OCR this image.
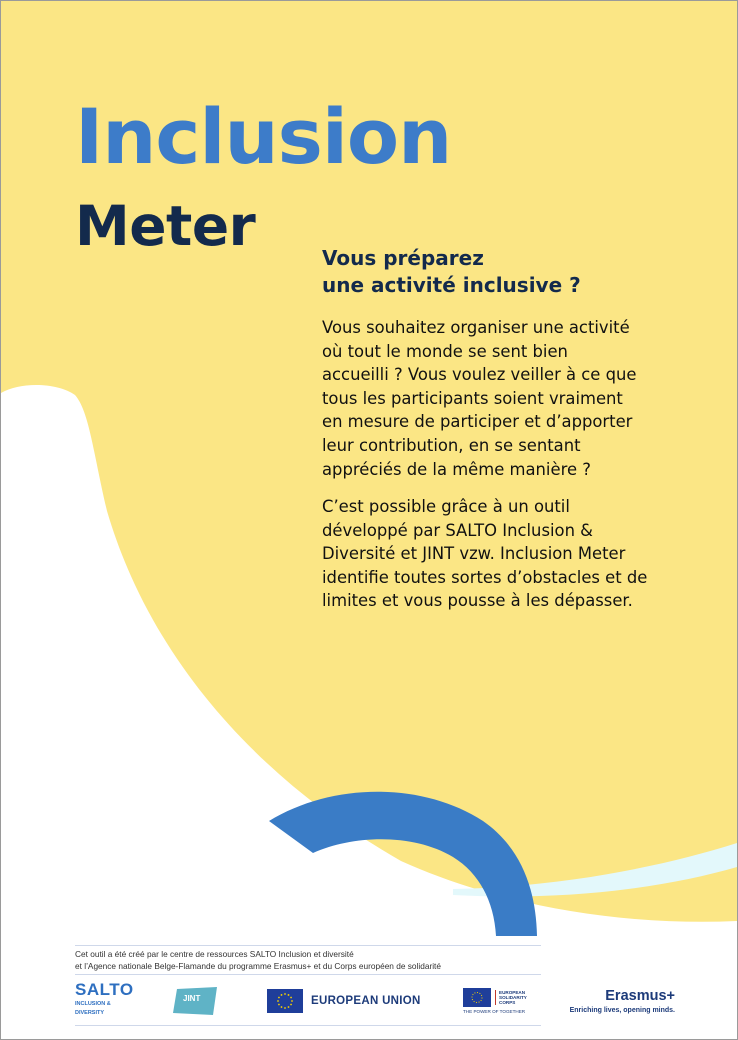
Inclusion
Meter	Vous préparez
une activité inclusive ?

Vous souhaitez organiser une activité
où tout le monde se sent bien
accueilli ? Vous voulez veiller à ce que
tous les participants soient vraiment
en mesure de participer et d’apporter
leur contribution, en se sentant
appréciés de la même manière ?

C’est possible grâce à un outil
développé par SALTO Inclusion &
Diversité et JINT vzw. Inclusion Meter
identifie toutes sortes d’obstacles et de
limites et vous pousse à les dépasser.

Cet outil a été créé par le centre de ressources SALTO Inclusion et diversité
et l’Agence nationale Belge-Flamande du programme Erasmus+ et du Corps européen de solidarité

SALTO
INCLUSION &
DIVERSITY
JINT	EUROPEAN UNION
EUROPEAN
SOLIDARITY
CORPS
THE POWER OF TOGETHER
Erasmus+
Enriching lives, opening minds.
